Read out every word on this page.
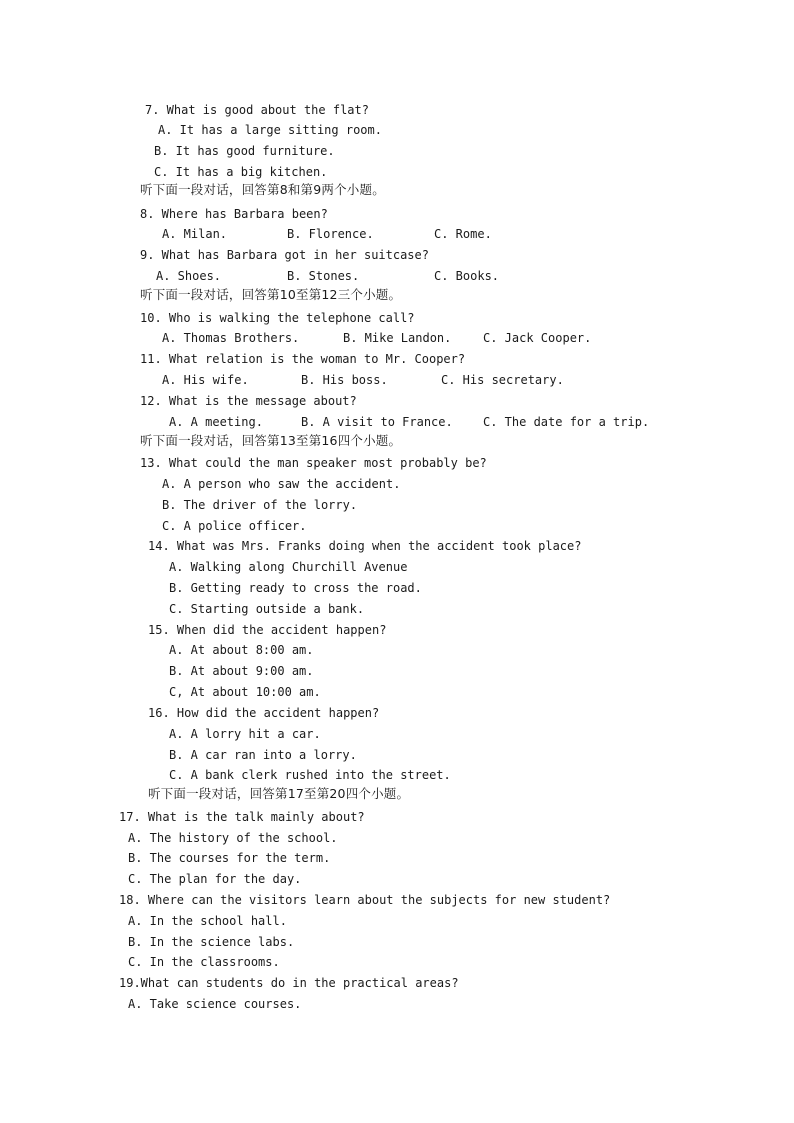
7. What is good about the flat?
A. It has a large sitting room.
B. It has good furniture.
C. It has a big kitchen.
听下面一段对话，回答第8和第9两个小题。
8. Where has Barbara been?
A. Milan.	B. Florence.	C. Rome.
9. What has Barbara got in her suitcase?
A. Shoes.	B. Stones.	C. Books.
听下面一段对话，回答第10至第12三个小题。
10. Who is walking the telephone call?
A. Thomas Brothers.	B. Mike Landon.	C. Jack Cooper.
11. What relation is the woman to Mr. Cooper?
A. His wife.	B. His boss.	C. His secretary.
12. What is the message about?
A. A meeting.	B. A visit to France.	C. The date for a trip.
听下面一段对话，回答第13至第16四个小题。
13. What could the man speaker most probably be?
A. A person who saw the accident.
B. The driver of the lorry.
C. A police officer.
14. What was Mrs. Franks doing when the accident took place?
A. Walking along Churchill Avenue
B. Getting ready to cross the road.
C. Starting outside a bank.
15. When did the accident happen?
A. At about 8:00 am.
B. At about 9:00 am.
C, At about 10:00 am.
16. How did the accident happen?
A. A lorry hit a car.
B. A car ran into a lorry.
C. A bank clerk rushed into the street.
听下面一段对话，回答第17至第20四个小题。
17. What is the talk mainly about?
A. The history of the school.
B. The courses for the term.
C. The plan for the day.
18. Where can the visitors learn about the subjects for new student?
A. In the school hall.
B. In the science labs.
C. In the classrooms.
19.What can students do in the practical areas?
A. Take science courses.
